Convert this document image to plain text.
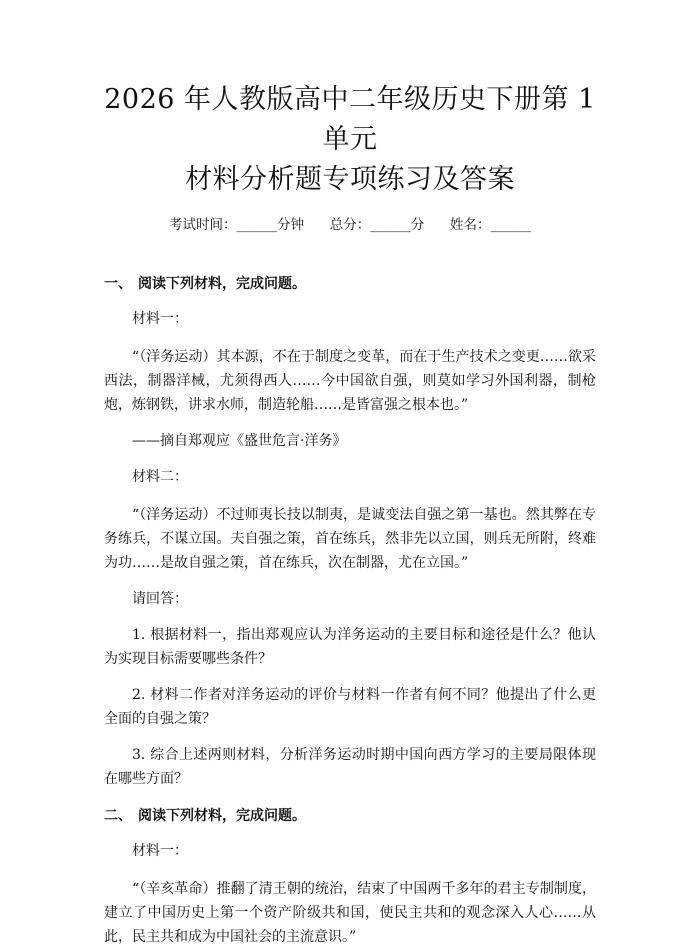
2026 年人教版高中二年级历史下册第 1 单元
材料分析题专项练习及答案
考试时间：______分钟 总分：______分 姓名：______
一、 阅读下列材料，完成问题。

材料一：

“（洋务运动）其本源，不在于制度之变革，而在于生产技术之变更……欲采西法，制器洋械，尤须得西人……今中国欲自强，则莫如学习外国利器，制枪炮，炼钢铁，讲求水师，制造轮船……是皆富强之根本也。”

——摘自郑观应《盛世危言·洋务》

材料二：

“（洋务运动）不过师夷长技以制夷，是诚变法自强之第一基也。然其弊在专务练兵，不谋立国。夫自强之策，首在练兵，然非先以立国，则兵无所附，终难为功……是故自强之策，首在练兵，次在制器，尤在立国。”

请回答：

1. 根据材料一，指出郑观应认为洋务运动的主要目标和途径是什么？他认为实现目标需要哪些条件？

2. 材料二作者对洋务运动的评价与材料一作者有何不同？他提出了什么更全面的自强之策？

3. 综合上述两则材料，分析洋务运动时期中国向西方学习的主要局限体现在哪些方面？

二、 阅读下列材料，完成问题。

材料一：

“（辛亥革命）推翻了清王朝的统治，结束了中国两千多年的君主专制制度，建立了中国历史上第一个资产阶级共和国，使民主共和的观念深入人心……从此，民主共和成为中国社会的主流意识。”
